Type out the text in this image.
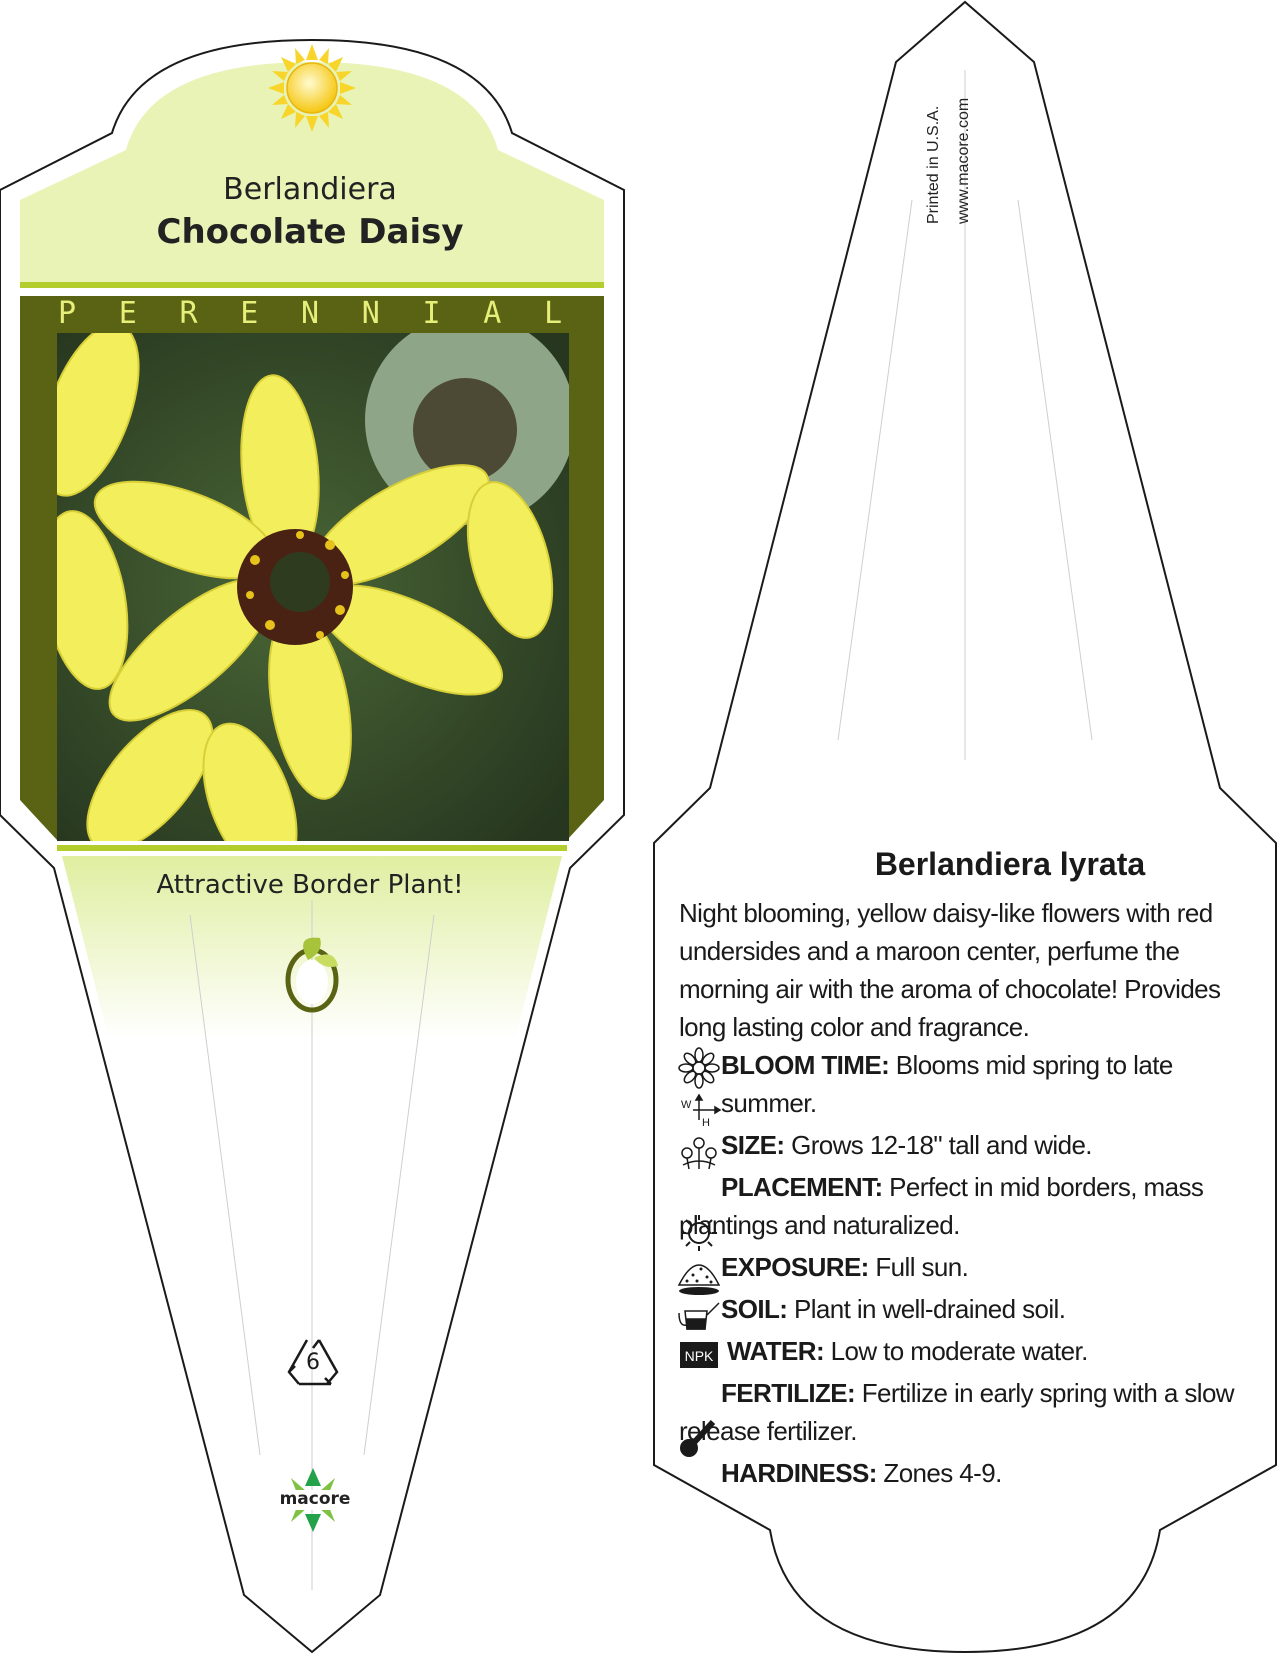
W
H
NPK
Berlandiera
Chocolate Daisy
P	E	R	E	N	N	I	A	L
Attractive Border Plant!
6
macore
Printed in U.S.A. www.macore.com
Berlandiera lyrata
Night blooming, yellow daisy-like flowers with red undersides and a maroon center, perfume the morning air with the aroma of chocolate! Provides long lasting color and fragrance.
BLOOM TIME: Blooms mid spring to late summer.
SIZE: Grows 12-18" tall and wide.
PLACEMENT: Perfect in mid borders, mass plantings and naturalized.
EXPOSURE: Full sun.
SOIL: Plant in well-drained soil.
WATER: Low to moderate water.
FERTILIZE: Fertilize in early spring with a slow release fertilizer.
HARDINESS: Zones 4-9.
